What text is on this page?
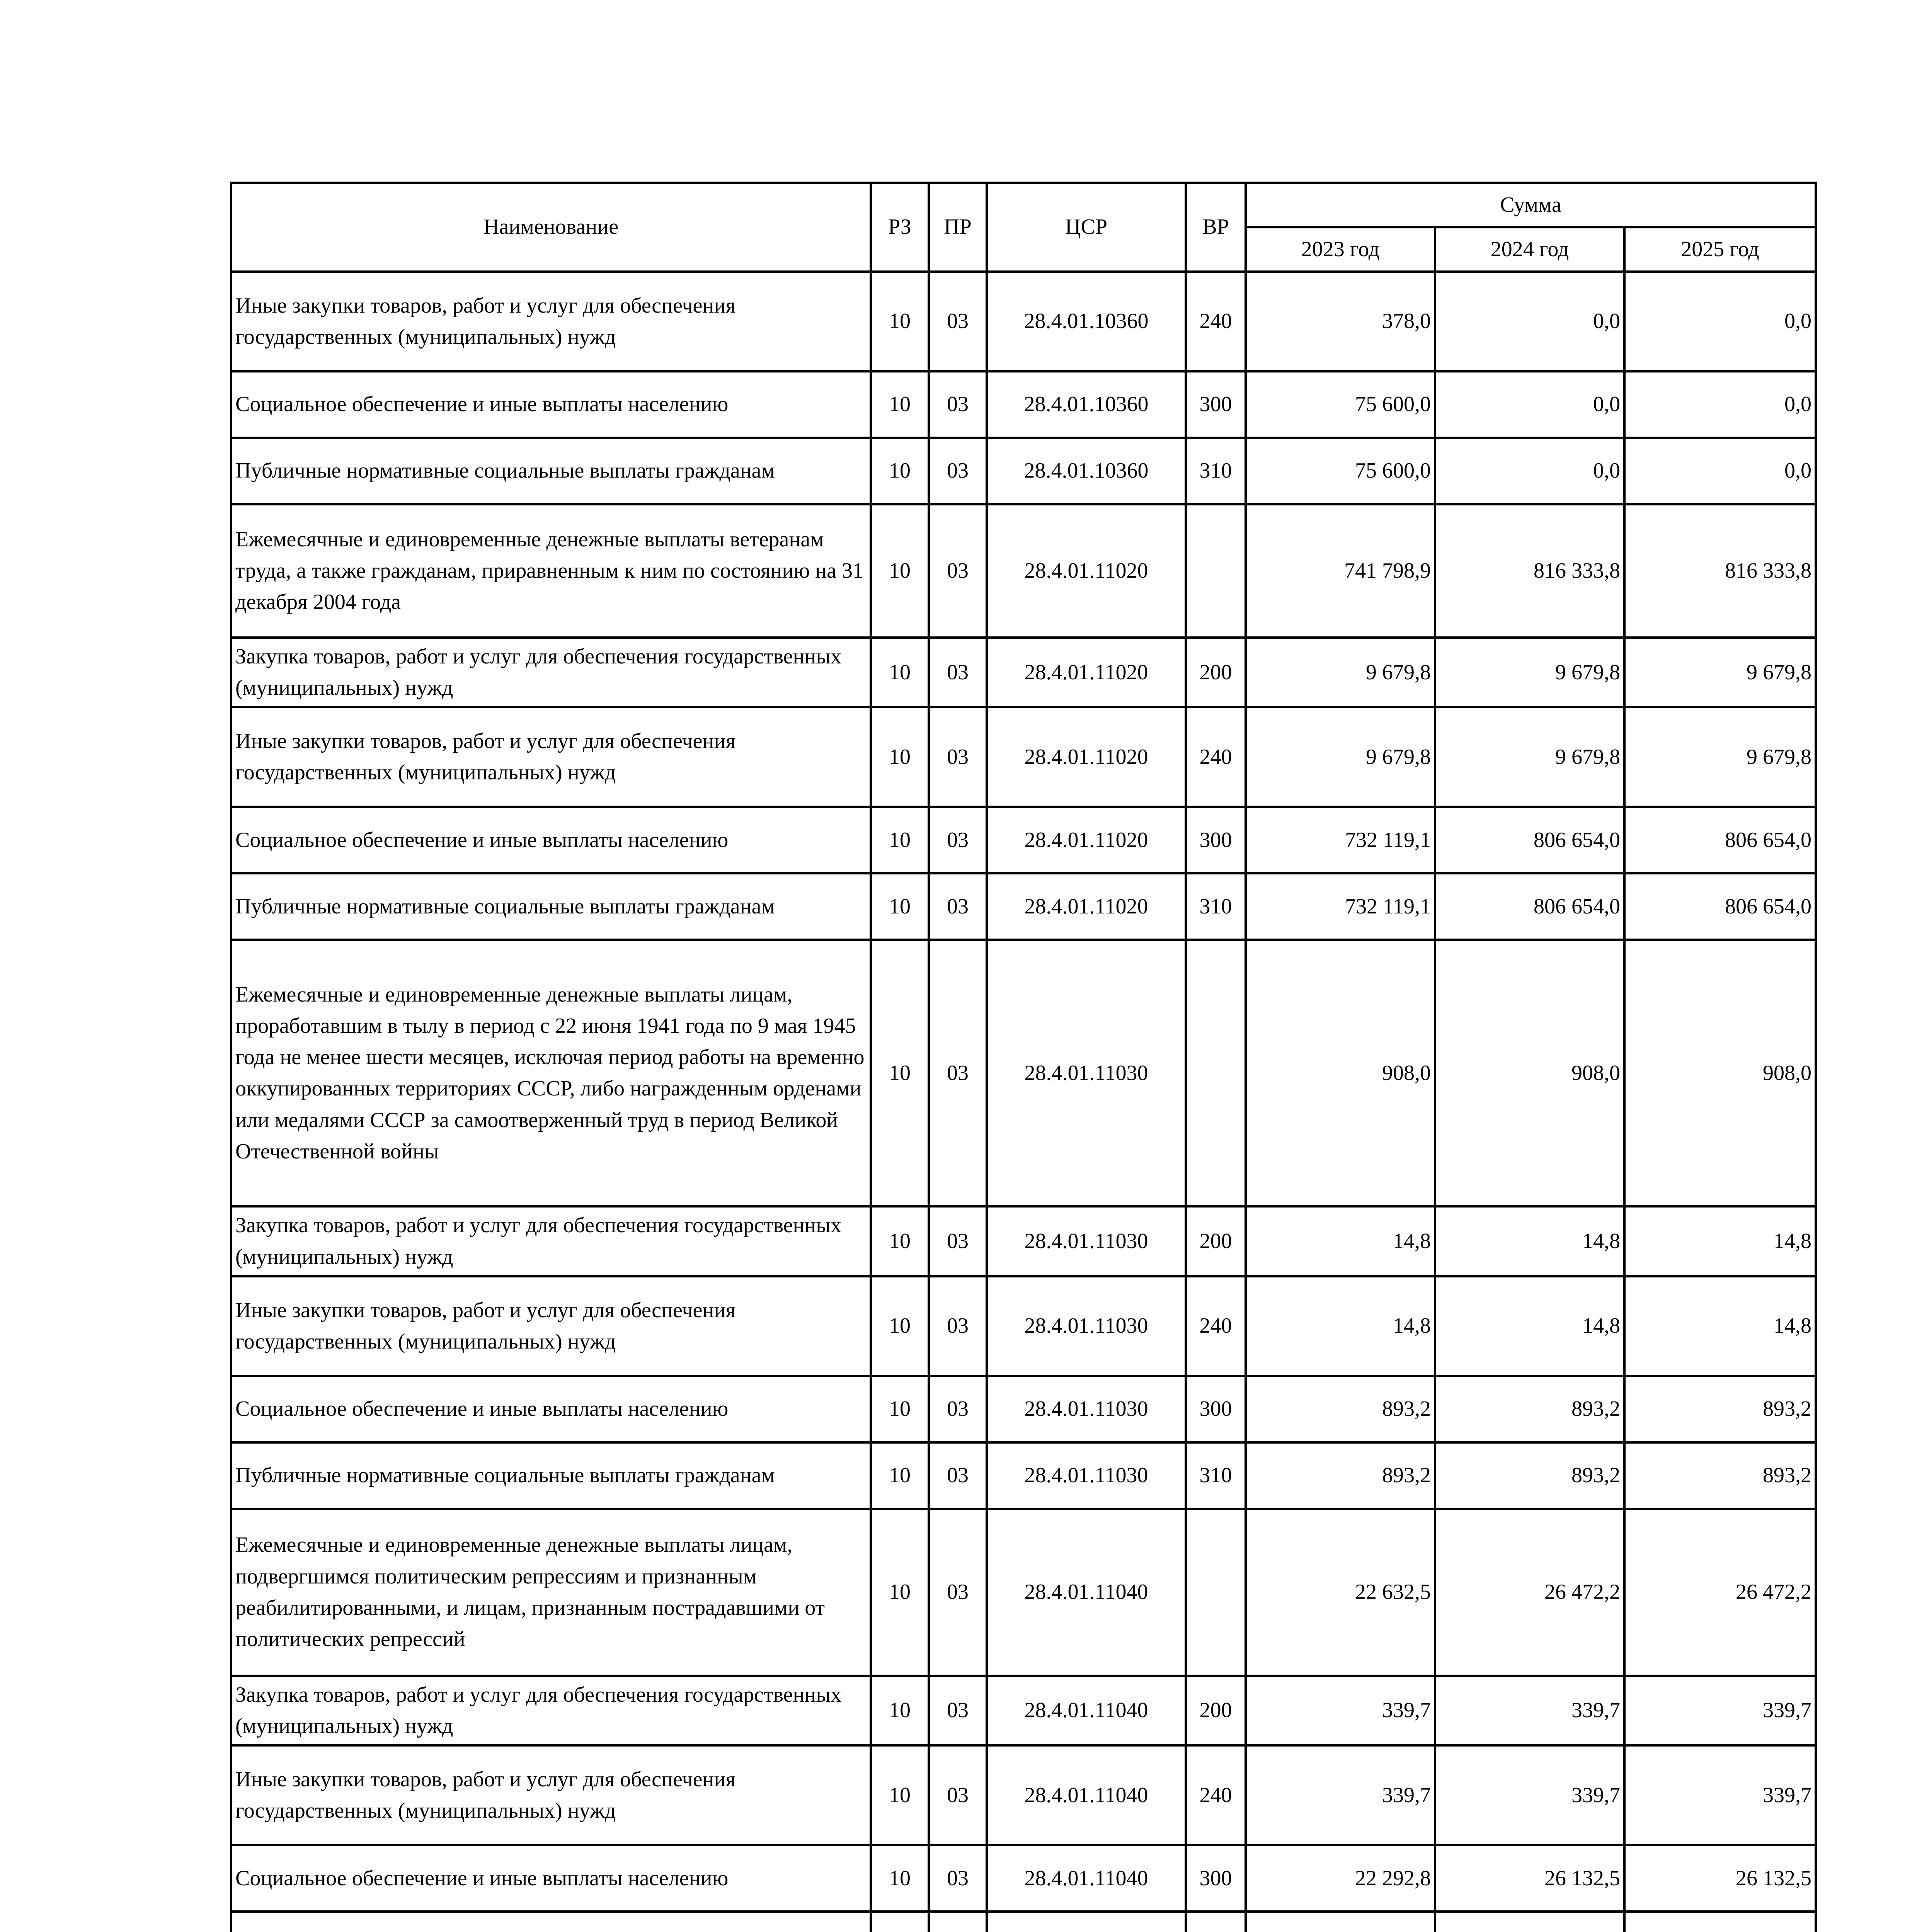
Наименование	РЗ	ПР	ЦСР	ВР	Сумма		
					2023 год	2024 год	2025 год
Иные закупки товаров, работ и услуг для обеспечения государственных (муниципальных) нужд	10	03	28.4.01.10360	240	378,0	0,0	0,0
Социальное обеспечение и иные выплаты населению	10	03	28.4.01.10360	300	75 600,0	0,0	0,0
Публичные нормативные социальные выплаты гражданам	10	03	28.4.01.10360	310	75 600,0	0,0	0,0
Ежемесячные и единовременные денежные выплаты ветеранам труда, а также гражданам, приравненным к ним по состоянию на 31 декабря 2004 года	10	03	28.4.01.11020		741 798,9	816 333,8	816 333,8
Закупка товаров, работ и услуг для обеспечения государственных (муниципальных) нужд	10	03	28.4.01.11020	200	9 679,8	9 679,8	9 679,8
Иные закупки товаров, работ и услуг для обеспечения государственных (муниципальных) нужд	10	03	28.4.01.11020	240	9 679,8	9 679,8	9 679,8
Социальное обеспечение и иные выплаты населению	10	03	28.4.01.11020	300	732 119,1	806 654,0	806 654,0
Публичные нормативные социальные выплаты гражданам	10	03	28.4.01.11020	310	732 119,1	806 654,0	806 654,0
Ежемесячные и единовременные денежные выплаты лицам, проработавшим в тылу в период с 22 июня 1941 года по 9 мая 1945 года не менее шести месяцев, исключая период работы на временно оккупированных территориях СССР, либо награжденным орденами или медалями СССР за самоотверженный труд в период Великой Отечественной войны	10	03	28.4.01.11030		908,0	908,0	908,0
Закупка товаров, работ и услуг для обеспечения государственных (муниципальных) нужд	10	03	28.4.01.11030	200	14,8	14,8	14,8
Иные закупки товаров, работ и услуг для обеспечения государственных (муниципальных) нужд	10	03	28.4.01.11030	240	14,8	14,8	14,8
Социальное обеспечение и иные выплаты населению	10	03	28.4.01.11030	300	893,2	893,2	893,2
Публичные нормативные социальные выплаты гражданам	10	03	28.4.01.11030	310	893,2	893,2	893,2
Ежемесячные и единовременные денежные выплаты лицам, подвергшимся политическим репрессиям и признанным реабилитированными, и лицам, признанным пострадавшими от политических репрессий	10	03	28.4.01.11040		22 632,5	26 472,2	26 472,2
Закупка товаров, работ и услуг для обеспечения государственных (муниципальных) нужд	10	03	28.4.01.11040	200	339,7	339,7	339,7
Иные закупки товаров, работ и услуг для обеспечения государственных (муниципальных) нужд	10	03	28.4.01.11040	240	339,7	339,7	339,7
Социальное обеспечение и иные выплаты населению	10	03	28.4.01.11040	300	22 292,8	26 132,5	26 132,5
